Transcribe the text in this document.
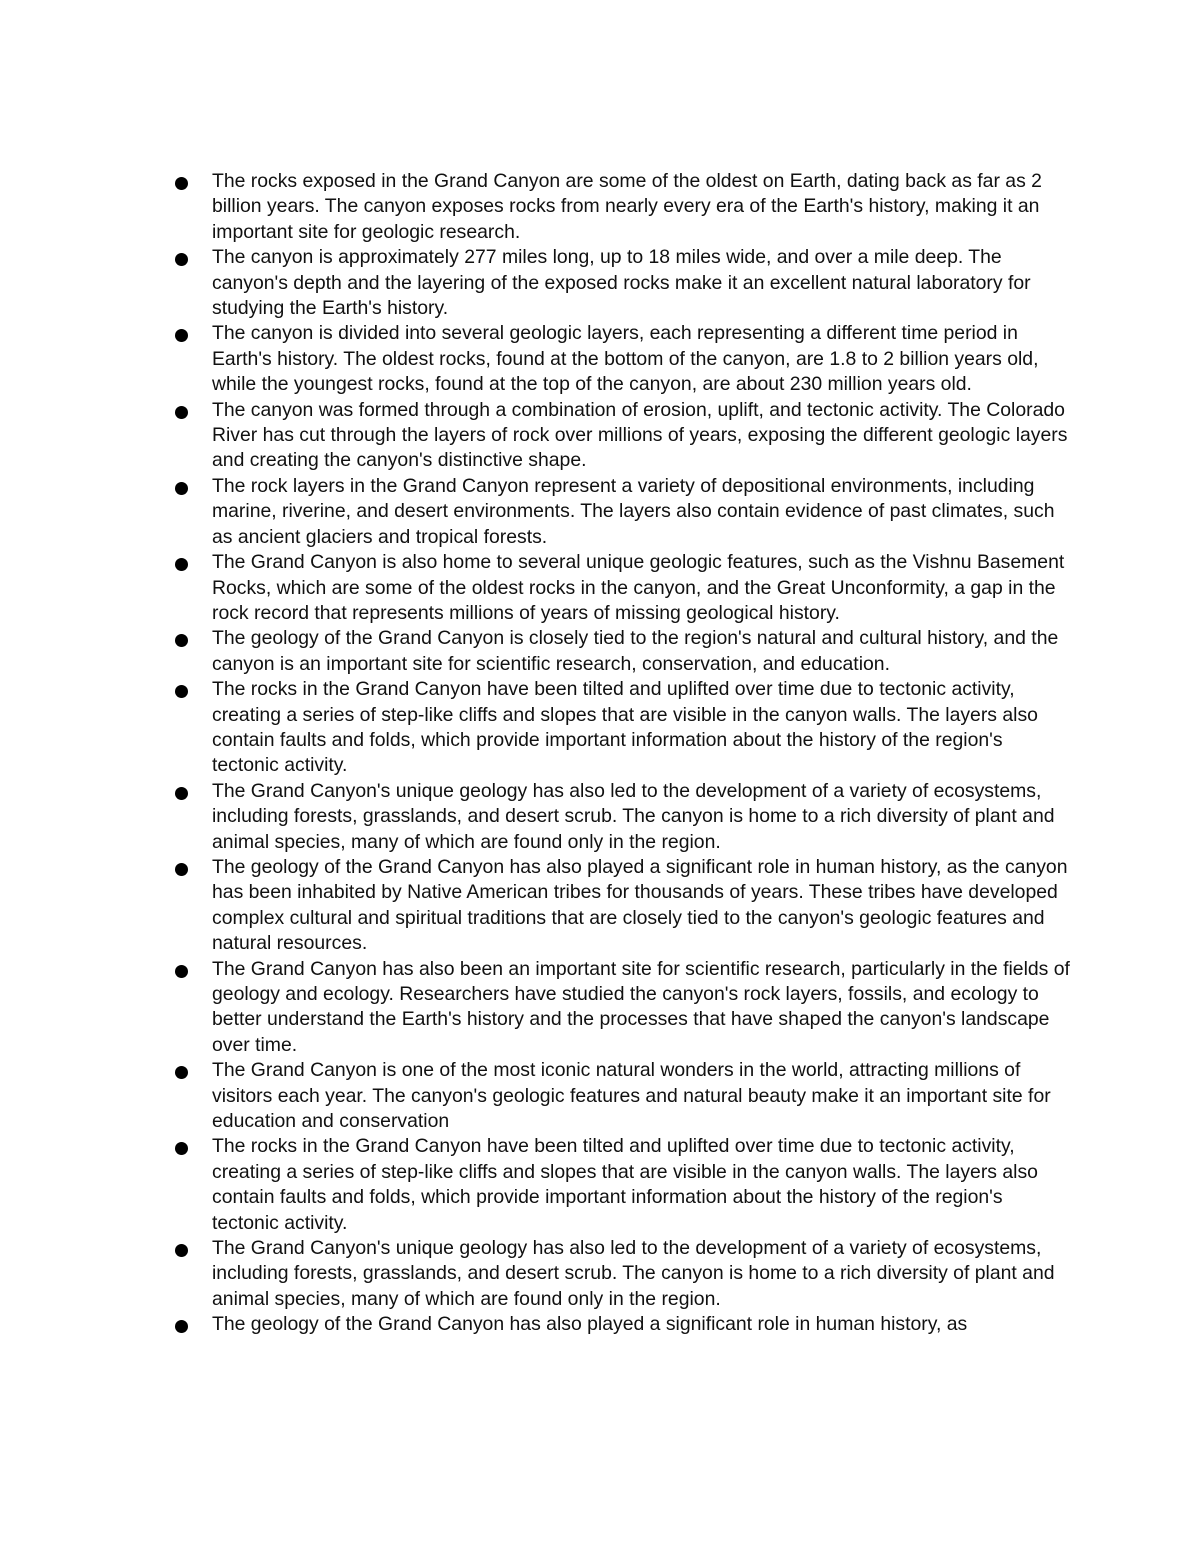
The rocks exposed in the Grand Canyon are some of the oldest on Earth, dating back as far as 2 billion years. The canyon exposes rocks from nearly every era of the Earth's history, making it an important site for geologic research.
The canyon is approximately 277 miles long, up to 18 miles wide, and over a mile deep. The canyon's depth and the layering of the exposed rocks make it an excellent natural laboratory for studying the Earth's history.
The canyon is divided into several geologic layers, each representing a different time period in Earth's history. The oldest rocks, found at the bottom of the canyon, are 1.8 to 2 billion years old, while the youngest rocks, found at the top of the canyon, are about 230 million years old.
The canyon was formed through a combination of erosion, uplift, and tectonic activity. The Colorado River has cut through the layers of rock over millions of years, exposing the different geologic layers and creating the canyon's distinctive shape.
The rock layers in the Grand Canyon represent a variety of depositional environments, including marine, riverine, and desert environments. The layers also contain evidence of past climates, such as ancient glaciers and tropical forests.
The Grand Canyon is also home to several unique geologic features, such as the Vishnu Basement Rocks, which are some of the oldest rocks in the canyon, and the Great Unconformity, a gap in the rock record that represents millions of years of missing geological history.
The geology of the Grand Canyon is closely tied to the region's natural and cultural history, and the canyon is an important site for scientific research, conservation, and education.
The rocks in the Grand Canyon have been tilted and uplifted over time due to tectonic activity, creating a series of step-like cliffs and slopes that are visible in the canyon walls. The layers also contain faults and folds, which provide important information about the history of the region's tectonic activity.
The Grand Canyon's unique geology has also led to the development of a variety of ecosystems, including forests, grasslands, and desert scrub. The canyon is home to a rich diversity of plant and animal species, many of which are found only in the region.
The geology of the Grand Canyon has also played a significant role in human history, as the canyon has been inhabited by Native American tribes for thousands of years. These tribes have developed complex cultural and spiritual traditions that are closely tied to the canyon's geologic features and natural resources.
The Grand Canyon has also been an important site for scientific research, particularly in the fields of geology and ecology. Researchers have studied the canyon's rock layers, fossils, and ecology to better understand the Earth's history and the processes that have shaped the canyon's landscape over time.
The Grand Canyon is one of the most iconic natural wonders in the world, attracting millions of visitors each year. The canyon's geologic features and natural beauty make it an important site for education and conservation
The rocks in the Grand Canyon have been tilted and uplifted over time due to tectonic activity, creating a series of step-like cliffs and slopes that are visible in the canyon walls. The layers also contain faults and folds, which provide important information about the history of the region's tectonic activity.
The Grand Canyon's unique geology has also led to the development of a variety of ecosystems, including forests, grasslands, and desert scrub. The canyon is home to a rich diversity of plant and animal species, many of which are found only in the region.
The geology of the Grand Canyon has also played a significant role in human history, as
